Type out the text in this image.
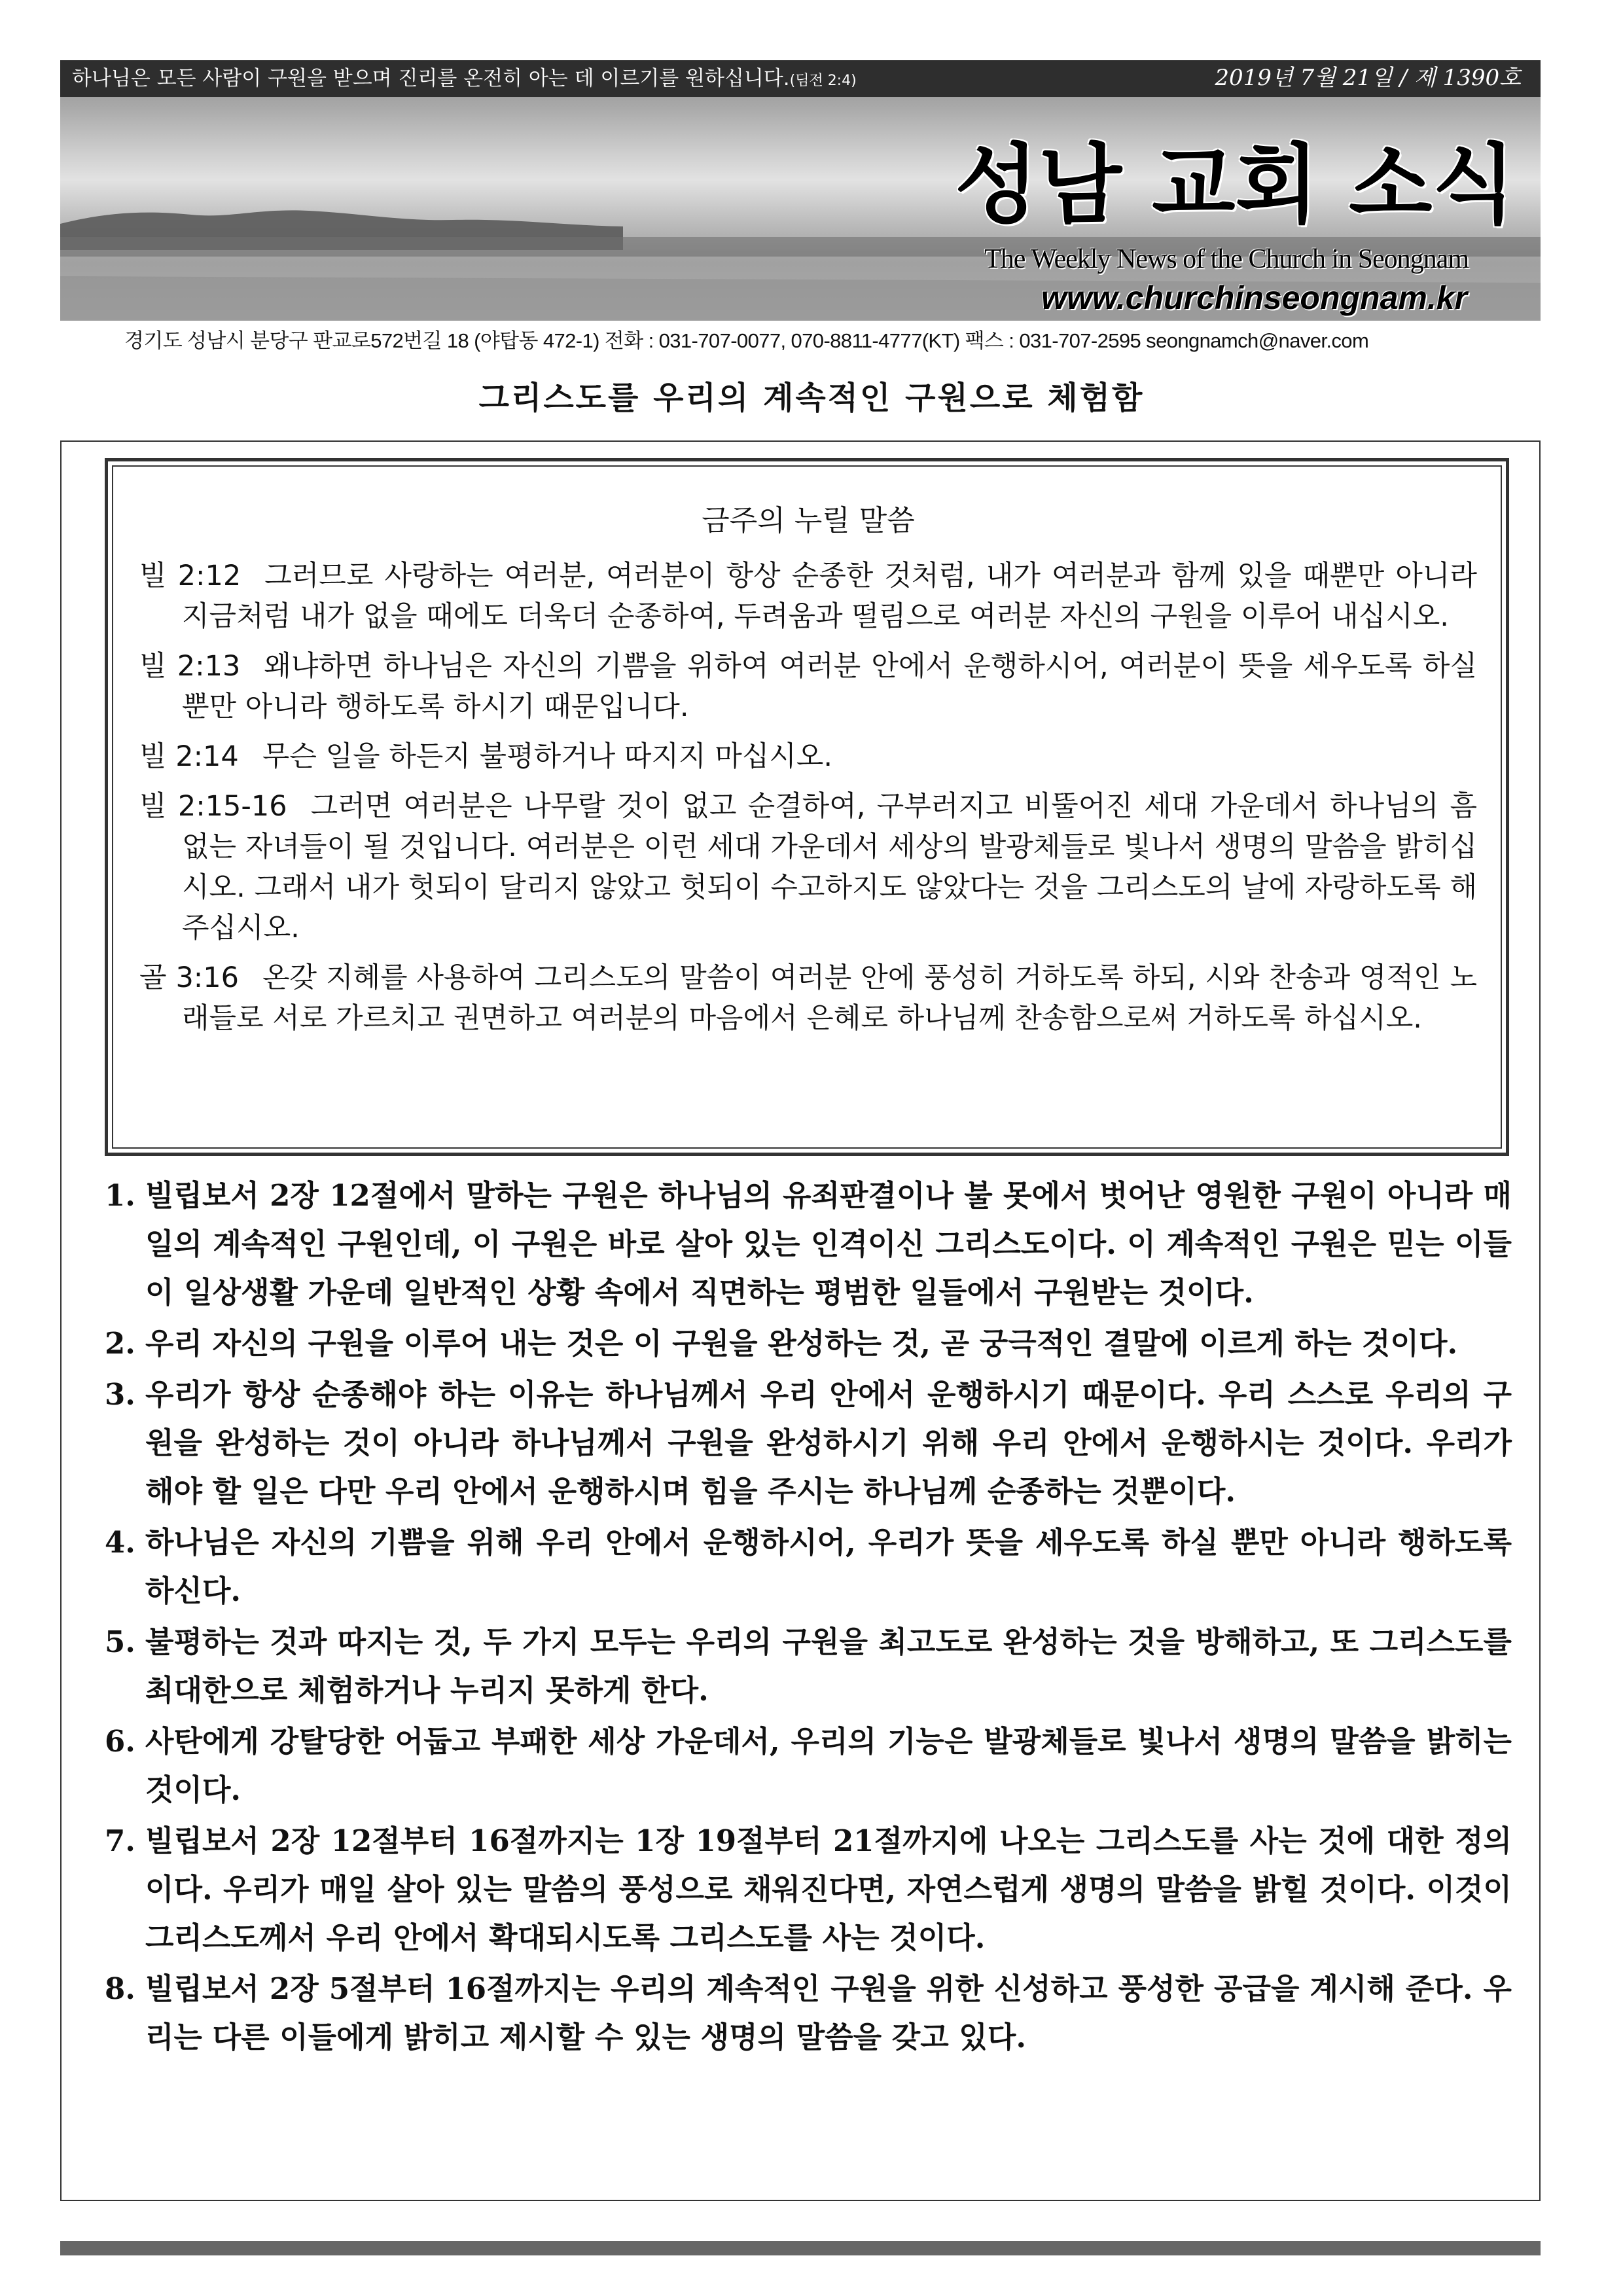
하나님은 모든 사람이 구원을 받으며 진리를 온전히 아는 데 이르기를 원하십니다.(딤전 2:4)	2019년 7월 21일 / 제 1390호
성남 교회 소식
The Weekly News of the Church in Seongnam
www.churchinseongnam.kr
경기도 성남시 분당구 판교로572번길 18 (야탑동 472-1) 전화 : 031-707-0077, 070-8811-4777(KT) 팩스 : 031-707-2595 seongnamch@naver.com
그리스도를 우리의 계속적인 구원으로 체험함
금주의 누릴 말씀
빌 2:12 그러므로 사랑하는 여러분, 여러분이 항상 순종한 것처럼, 내가 여러분과 함께 있을 때뿐만 아니라 지금처럼 내가 없을 때에도 더욱더 순종하여, 두려움과 떨림으로 여러분 자신의 구원을 이루어 내십시오.
빌 2:13 왜냐하면 하나님은 자신의 기쁨을 위하여 여러분 안에서 운행하시어, 여러분이 뜻을 세우도록 하실 뿐만 아니라 행하도록 하시기 때문입니다.
빌 2:14 무슨 일을 하든지 불평하거나 따지지 마십시오.
빌 2:15-16 그러면 여러분은 나무랄 것이 없고 순결하여, 구부러지고 비뚤어진 세대 가운데서 하나님의 흠 없는 자녀들이 될 것입니다. 여러분은 이런 세대 가운데서 세상의 발광체들로 빛나서 생명의 말씀을 밝히십시오. 그래서 내가 헛되이 달리지 않았고 헛되이 수고하지도 않았다는 것을 그리스도의 날에 자랑하도록 해 주십시오.
골 3:16 온갖 지혜를 사용하여 그리스도의 말씀이 여러분 안에 풍성히 거하도록 하되, 시와 찬송과 영적인 노래들로 서로 가르치고 권면하고 여러분의 마음에서 은혜로 하나님께 찬송함으로써 거하도록 하십시오.
1. 빌립보서 2장 12절에서 말하는 구원은 하나님의 유죄판결이나 불 못에서 벗어난 영원한 구원이 아니라 매일의 계속적인 구원인데, 이 구원은 바로 살아 있는 인격이신 그리스도이다. 이 계속적인 구원은 믿는 이들이 일상생활 가운데 일반적인 상황 속에서 직면하는 평범한 일들에서 구원받는 것이다.
2. 우리 자신의 구원을 이루어 내는 것은 이 구원을 완성하는 것, 곧 궁극적인 결말에 이르게 하는 것이다.
3. 우리가 항상 순종해야 하는 이유는 하나님께서 우리 안에서 운행하시기 때문이다. 우리 스스로 우리의 구원을 완성하는 것이 아니라 하나님께서 구원을 완성하시기 위해 우리 안에서 운행하시는 것이다. 우리가 해야 할 일은 다만 우리 안에서 운행하시며 힘을 주시는 하나님께 순종하는 것뿐이다.
4. 하나님은 자신의 기쁨을 위해 우리 안에서 운행하시어, 우리가 뜻을 세우도록 하실 뿐만 아니라 행하도록 하신다.
5. 불평하는 것과 따지는 것, 두 가지 모두는 우리의 구원을 최고도로 완성하는 것을 방해하고, 또 그리스도를 최대한으로 체험하거나 누리지 못하게 한다.
6. 사탄에게 강탈당한 어둡고 부패한 세상 가운데서, 우리의 기능은 발광체들로 빛나서 생명의 말씀을 밝히는 것이다.
7. 빌립보서 2장 12절부터 16절까지는 1장 19절부터 21절까지에 나오는 그리스도를 사는 것에 대한 정의이다. 우리가 매일 살아 있는 말씀의 풍성으로 채워진다면, 자연스럽게 생명의 말씀을 밝힐 것이다. 이것이 그리스도께서 우리 안에서 확대되시도록 그리스도를 사는 것이다.
8. 빌립보서 2장 5절부터 16절까지는 우리의 계속적인 구원을 위한 신성하고 풍성한 공급을 계시해 준다. 우리는 다른 이들에게 밝히고 제시할 수 있는 생명의 말씀을 갖고 있다.
